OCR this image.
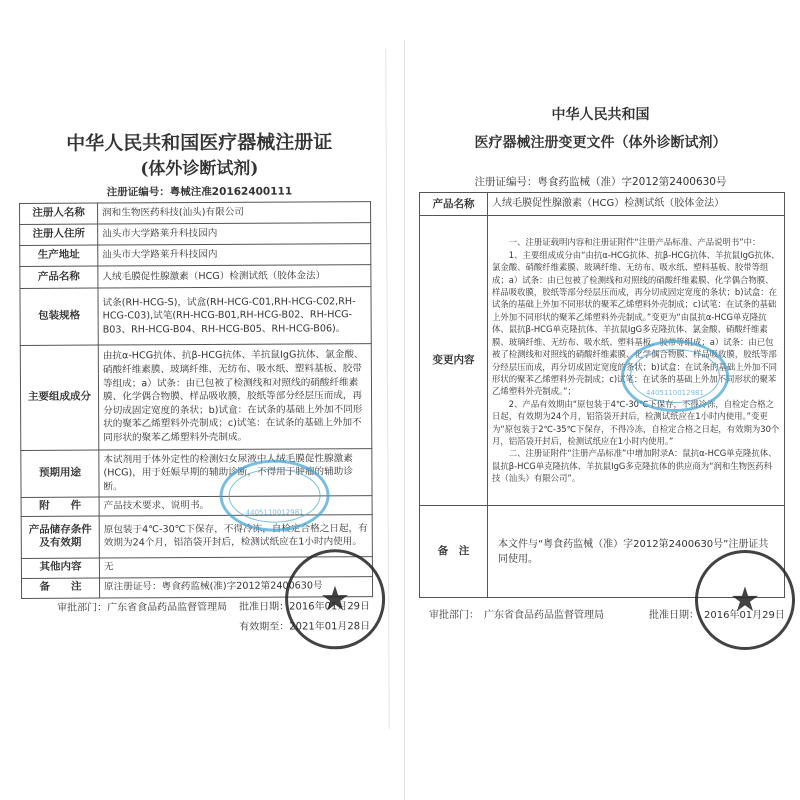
中华人民共和国医疗器械注册证
(体外诊断试剂)
注册证编号：粤械注准20162400111
注册人名称	润和生物医药科技(汕头)有限公司
注册人住所	汕头市大学路莱升科技园内
生产地址	汕头市大学路莱升科技园内
产品名称	人绒毛膜促性腺激素（HCG）检测试纸（胶体金法）
包装规格	试条(RH-HCG-S)，试盒(RH-HCG-C01,RH-HCG-C02,RH-HCG-C03),试笔(RH-HCG-B01,RH-HCG-B02、RH-HCG-B03、RH-HCG-B04、RH-HCG-B05、RH-HCG-B06)。
主要组成成分	由抗α-HCG抗体、抗β-HCG抗体、羊抗鼠IgG抗体、氯金酸、硝酸纤维素膜、玻璃纤维、无纺布、吸水纸、塑料基板、胶带等组成；a）试条：由已包被了检测线和对照线的硝酸纤维素膜、化学偶合物膜、样品吸收膜，胶纸等部分经层压而成，再分切成固定宽度的条状；b)试盒：在试条的基础上外加不同形状的聚苯乙烯塑料外壳制成；c)试笔：在试条的基础上外加不同形状的聚苯乙烯塑料外壳制成。
预期用途	本试剂用于体外定性的检测妇女尿液中人绒毛膜促性腺激素(HCG)，用于妊娠早期的辅助诊断，不得用于肿瘤的辅助诊断。
附　　件	产品技术要求、说明书。
产品储存条件及有效期	原包装于4℃-30℃下保存，不得冷冻，自检定合格之日起，有效期为24个月，铝箔袋开封后，检测试纸应在1小时内使用。
其他内容	无
备　　注	原注册证号：粤食药监械(准)字2012第2400630号
审批部门：广东省食品药品监督管理局 批准日期：2016年01月29日
有效期至：2021年01月28日
4405110012981
★
中华人民共和国
医疗器械注册变更文件（体外诊断试剂）
注册证编号：粤食药监械（准）字2012第2400630号
产品名称	人绒毛膜促性腺激素（HCG）检测试纸（胶体金法）
变更内容	一、注册证载明内容和注册证附件“注册产品标准、产品说明书”中：
1、主要组成成分由“由抗α-HCG抗体、抗β-HCG抗体、羊抗鼠IgG抗体、氯金酸、硝酸纤维素膜、玻璃纤维、无纺布、吸水纸、塑料基板、胶带等组成；a）试条：由已包被了检测线和对照线的硝酸纤维素膜、化学偶合物膜、样品吸收膜，胶纸等部分经层压而成，再分切成固定宽度的条状；b)试盒：在试条的基础上外加不同形状的聚苯乙烯塑料外壳制成；c)试笔：在试条的基础上外加不同形状的聚苯乙烯塑料外壳制成。”变更为“由鼠抗α-HCG单克隆抗体、鼠抗β-HCG单克隆抗体、羊抗鼠IgG多克隆抗体、氯金酸、硝酸纤维素膜、玻璃纤维、无纺布、吸水纸、塑料基板、胶带等组成；a）试条：由已包被了检测线和对照线的硝酸纤维素膜、化学偶合物膜、样品吸收膜，胶纸等部分经层压而成，再分切成固定宽度的条状；b)试盒：在试条的基础上外加不同形状的聚苯乙烯塑料外壳制成；c)试笔：在试条的基础上外加不同形状的聚苯乙烯塑料外壳制成。”；
2、产品有效期由“原包装于4℃-30℃下保存，不得冷冻，自检定合格之日起，有效期为24个月，铝箔袋开封后，检测试纸应在1小时内使用。”变更为“原包装于2℃-35℃下保存，不得冷冻，自检定合格之日起，有效期为30个月，铝箔袋开封后，检测试纸应在1小时内使用。”
二、注册证附件“注册产品标准”中增加附录A：鼠抗α-HCG单克隆抗体、鼠抗β-HCG单克隆抗体、羊抗鼠IgG多克隆抗体的供应商为“润和生物医药科技（汕头）有限公司”。

备　注	本文件与“粤食药监械（准）字2012第2400630号”注册证共同使用。
审批部门：　广东省食品药品监督管理局	批准日期：　2016年01月29日
4405110012981
★
